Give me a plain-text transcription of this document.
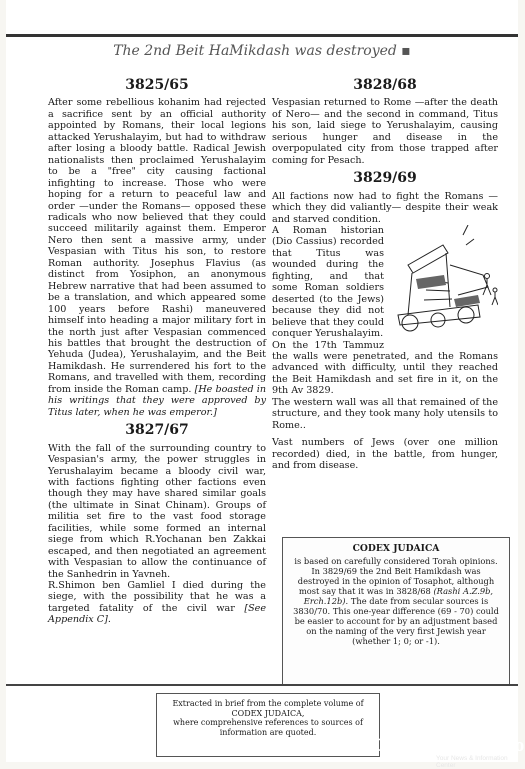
The 2nd Beit HaMikdash was destroyed ▪
3825/65

After some rebellious kohanim had rejected a sacrifice sent by an official authority appointed by Romans, their local legions attacked Yerushalayim, but had to withdraw after losing a bloody battle. Radical Jewish nationalists then proclaimed Yerushalayim to be a "free" city causing factional infighting to increase. Those who were hoping for a return to peaceful law and order —under the Romans— opposed these radicals who now believed that they could succeed militarily against them. Emperor Nero then sent a massive army, under Vespasian with Titus his son, to restore Roman authority. Josephus Flavius (as distinct from Yosiphon, an anonymous Hebrew narrative that had been assumed to be a translation, and which appeared some 100 years before Rashi) maneuvered himself into heading a major military fort in the north just after Vespasian commenced his battles that brought the destruction of Yehuda (Judea), Yerushalayim, and the Beit Hamikdash. He surrendered his fort to the Romans, and travelled with them, recording from inside the Roman camp. [He boasted in his writings that they were approved by Titus later, when he was emperor.]

3827/67

With the fall of the surrounding country to Vespasian's army, the power struggles in Yerushalayim became a bloody civil war, with factions fighting other factions even though they may have shared similar goals (the ultimate in Sinat Chinam). Groups of militia set fire to the vast food storage facilities, while some formed an internal siege from which R.Yochanan ben Zakkai escaped, and then negotiated an agreement with Vespasian to allow the continuance of the Sanhedrin in Yavneh.

R.Shimon ben Gamliel I died during the siege, with the possibility that he was a targeted fatality of the civil war [See Appendix C].

3828/68

Vespasian returned to Rome —after the death of Nero— and the second in command, Titus his son, laid siege to Yerushalayim, causing serious hunger and disease in the overpopulated city from those trapped after coming for Pesach.

3829/69

All factions now had to fight the Romans —which they did valiantly— despite their weak and starved condition.

A Roman historian (Dio Cassius) recorded that Titus was wounded during the fighting, and that some Roman soldiers deserted (to the Jews) because they did not believe that they could conquer Yerushalayim.

On the 17th Tammuz the walls were penetrated, and the Romans advanced with difficulty, until they reached the Beit Hamikdash and set fire in it, on the 9th Av 3829.

The western wall was all that remained of the structure, and they took many holy utensils to Rome..

Vast numbers of Jews (over one million recorded) died, in the battle, from hunger, and from disease.

CODEX JUDAICA
is based on carefully considered Torah opinions.
In 3829/69 the 2nd Beit Hamikdash was destroyed in the opinion of Tosaphot, although most say that it was in 3828/68 (Rashi A.Z.9b, Erch.12b). The date from secular sources is 3830/70. This one-year difference (69 - 70) could be easier to account for by an adjustment based on the naming of the very first Jewish year (whether 1; 0; or -1).
Extracted in brief from the complete volume of
CODEX JUDAICA,
where comprehensive references to sources of information are quoted.
CrownHeights.info
Your News & Information Center
